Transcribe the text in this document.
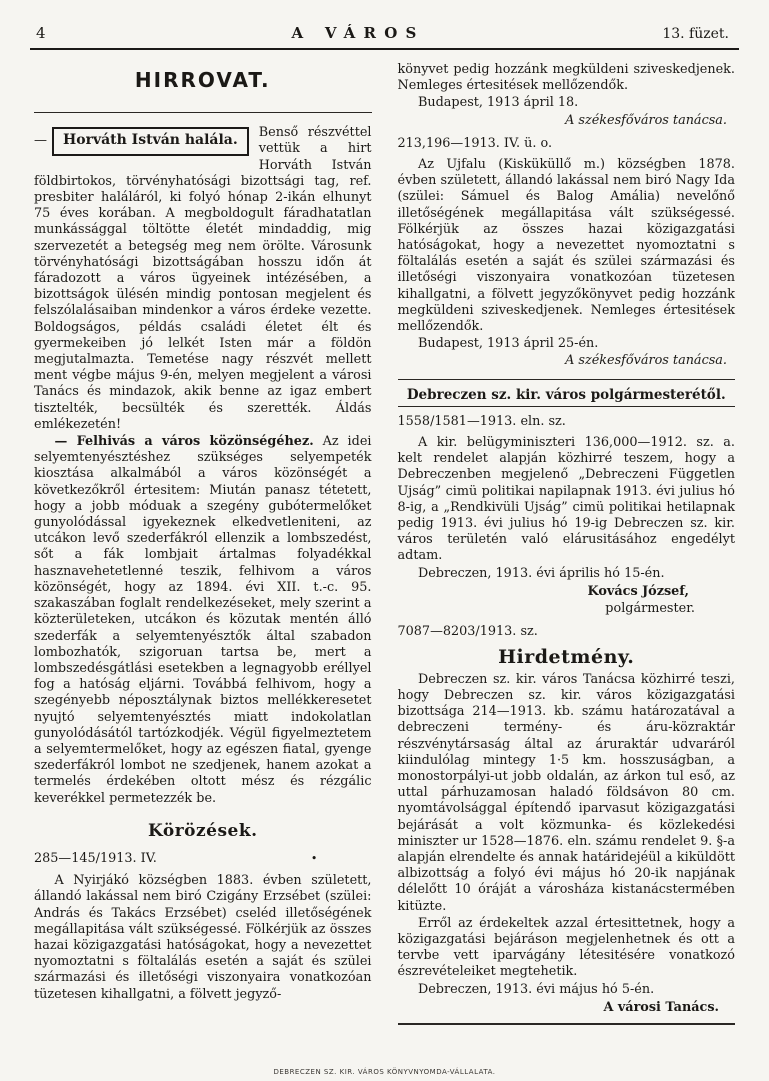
4	A VÁROS	13. füzet.
HIRROVAT.

— Horváth István halála.	Benső részvéttel vettük a hirt Horváth István földbirtokos, törvényhatósági bizottsági tag, ref. presbiter haláláról, ki folyó hónap 2-ikán elhunyt 75 éves korában. A megboldogult fáradhatatlan munkássággal töltötte életét mindaddig, mig szervezetét a betegség meg nem örölte. Városunk törvényhatósági bizottságában hosszu időn át fáradozott a város ügyeinek intézésében, a bizottságok ülésén mindig pontosan megjelent és felszólalásaiban mindenkor a város érdeke vezette. Boldogságos, példás családi életet élt és gyermekeiben jó lelkét Isten már a földön megjutalmazta. Temetése nagy részvét mellett ment végbe május 9-én, melyen megjelent a városi Tanács és mindazok, akik benne az igaz embert tisztelték, becsülték és szerették. Áldás emlékezetén!

— Felhivás a város közönségéhez. Az idei selyemtenyésztéshez szükséges selyempeték kiosztása alkalmából a város közönségét a következőkről értesitem: Miután panasz tétetett, hogy a jobb móduak a szegény gubótermelőket gunyolódással igyekeznek elkedvetleniteni, az utcákon levő szederfákról ellenzik a lombszedést, sőt a fák lombjait ártalmas folyadékkal hasznavehetetlenné teszik, felhivom a város közönségét, hogy az 1894. évi XII. t.-c. 95. szakaszában foglalt rendelkezéseket, mely szerint a közterületeken, utcákon és közutak mentén álló szederfák a selyemtenyésztők által szabadon lombozhatók, szigoruan tartsa be, mert a lombszedésgátlási esetekben a legnagyobb eréllyel fog a hatóság eljárni. Továbbá felhivom, hogy a szegényebb néposztálynak biztos mellékkeresetet nyujtó selyemtenyésztés miatt indokolatlan gunyolódásától tartózkodjék. Végül figyelmeztetem a selyemtermelőket, hogy az egészen fiatal, gyenge szederfákról lombot ne szedjenek, hanem azokat a termelés érdekében oltott mész és rézgálic keverékkel permetezzék be.

Körözések.

285—145/1913. IV.	•

A Nyirjákó községben 1883. évben született, állandó lakással nem biró Czigány Erzsébet (szülei: András és Takács Erzsébet) cseléd illetőségének megállapitása vált szükségessé. Fölkérjük az összes hazai közigazgatási hatóságokat, hogy a nevezettet nyomoztatni s föltalálás esetén a saját és szülei származási és illetőségi viszonyaira vonatkozóan tüzetesen kihallgatni, a fölvett jegyző-

könyvet pedig hozzánk megküldeni sziveskedjenek. Nemleges értesitések mellőzendők.

Budapest, 1913 ápril 18.

A székesfőváros tanácsa.

213,196—1913. IV. ü. o.

Az Ujfalu (Kisküküllő m.) községben 1878. évben született, állandó lakással nem biró Nagy Ida (szülei: Sámuel és Balog Amália) nevelőnő illetőségének megállapitása vált szükségessé. Fölkérjük az összes hazai közigazgatási hatóságokat, hogy a nevezettet nyomoztatni s föltalálás esetén a saját és szülei származási és illetőségi viszonyaira vonatkozóan tüzetesen kihallgatni, a fölvett jegyzőkönyvet pedig hozzánk megküldeni sziveskedjenek. Nemleges értesitések mellőzendők.

Budapest, 1913 ápril 25-én.

A székesfőváros tanácsa.

Debreczen sz. kir. város polgármesterétől.

1558/1581—1913. eln. sz.

A kir. belügyminiszteri 136,000—1912. sz. a. kelt rendelet alapján közhirré teszem, hogy a Debreczenben megjelenő „Debreczeni Független Ujság” cimü politikai napilapnak 1913. évi julius hó 8-ig, a „Rendkivüli Ujság” cimü politikai hetilapnak pedig 1913. évi julius hó 19-ig Debreczen sz. kir. város területén való elárusitásához engedélyt adtam.

Debreczen, 1913. évi április hó 15-én.

Kovács József,

polgármester.

7087—8203/1913. sz.

Hirdetmény.

Debreczen sz. kir. város Tanácsa közhirré teszi, hogy Debreczen sz. kir. város közigazgatási bizottsága 214—1913. kb. számu határozatával a debreczeni termény- és áru-közraktár részvénytársaság által az áruraktár udvaráról kiindulólag mintegy 1·5 km. hosszuságban, a monostorpályi-ut jobb oldalán, az árkon tul eső, az uttal párhuzamosan haladó földsávon 80 cm. nyomtávolsággal építendő iparvasut közigazgatási bejárását a volt közmunka- és közlekedési miniszter ur 1528—1876. eln. számu rendelet 9. §-a alapján elrendelte és annak határidejéül a kiküldött albizottság a folyó évi május hó 20-ik napjának délelőtt 10 óráját a városháza kistanácstermében kitüzte.

Erről az érdekeltek azzal értesittetnek, hogy a közigazgatási bejáráson megjelenhetnek és ott a tervbe vett iparvágány létesitésére vonatkozó észrevételeiket megtehetik.

Debreczen, 1913. évi május hó 5-én.

A városi Tanács.

DEBRECZEN SZ. KIR. VÁROS KÖNYVNYOMDA-VÁLLALATA.
